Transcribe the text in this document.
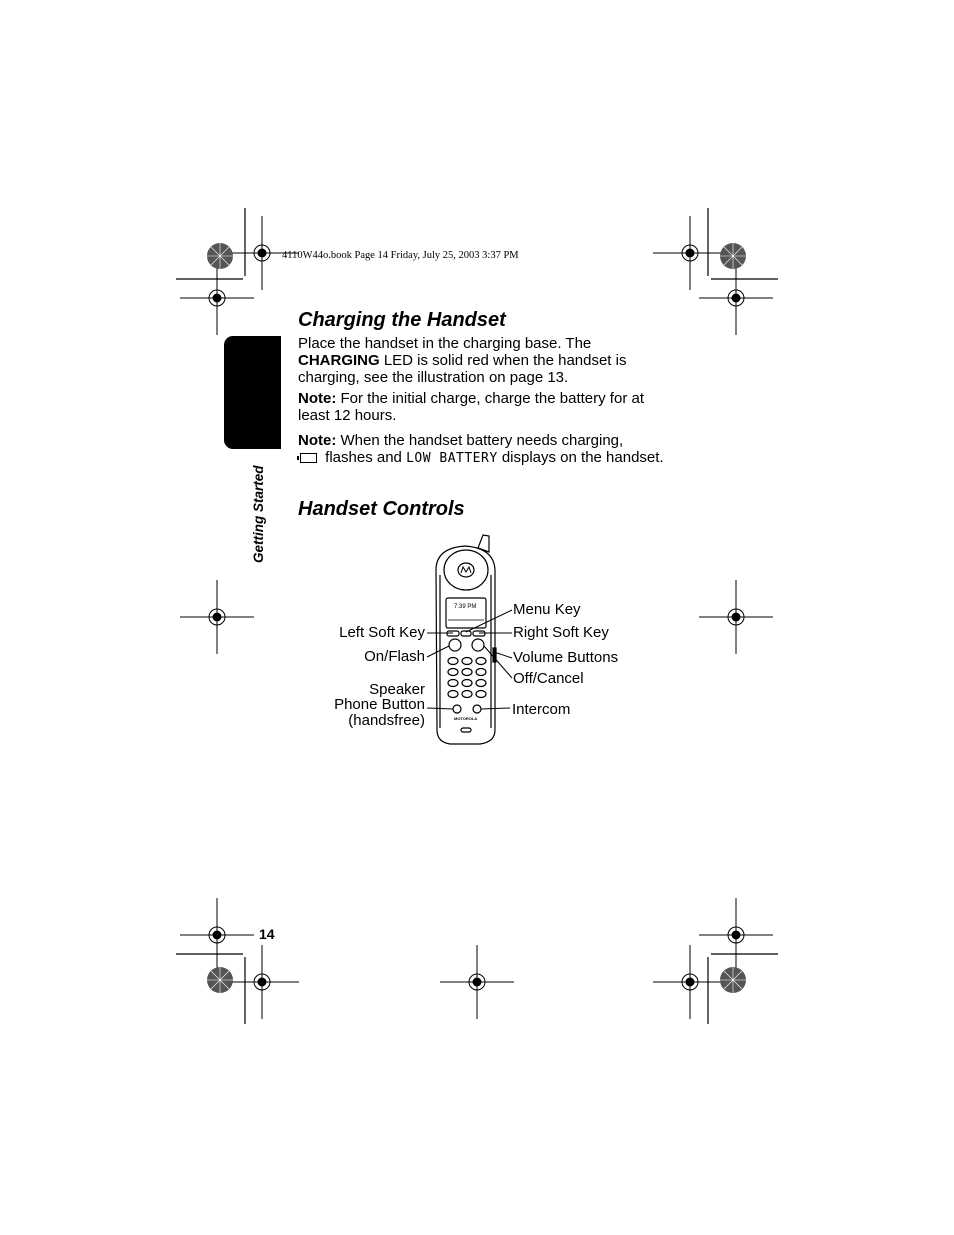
4110W44o.book Page 14 Friday, July 25, 2003 3:37 PM
Getting Started
Charging the Handset
Place the handset in the charging base. The CHARGING LED is solid red when the handset is charging, see the illustration on page 13.
Note: For the initial charge, charge the battery for at least 12 hours.
Note: When the handset battery needs charging,
flashes and LOW BATTERY displays on the handset.
Handset Controls
7:39 PM
MOTOROLA
Menu Key
Left Soft Key	Right Soft Key
On/Flash	Volume Buttons
Off/Cancel
Speaker
Phone Button
(handsfree)
Intercom
14
